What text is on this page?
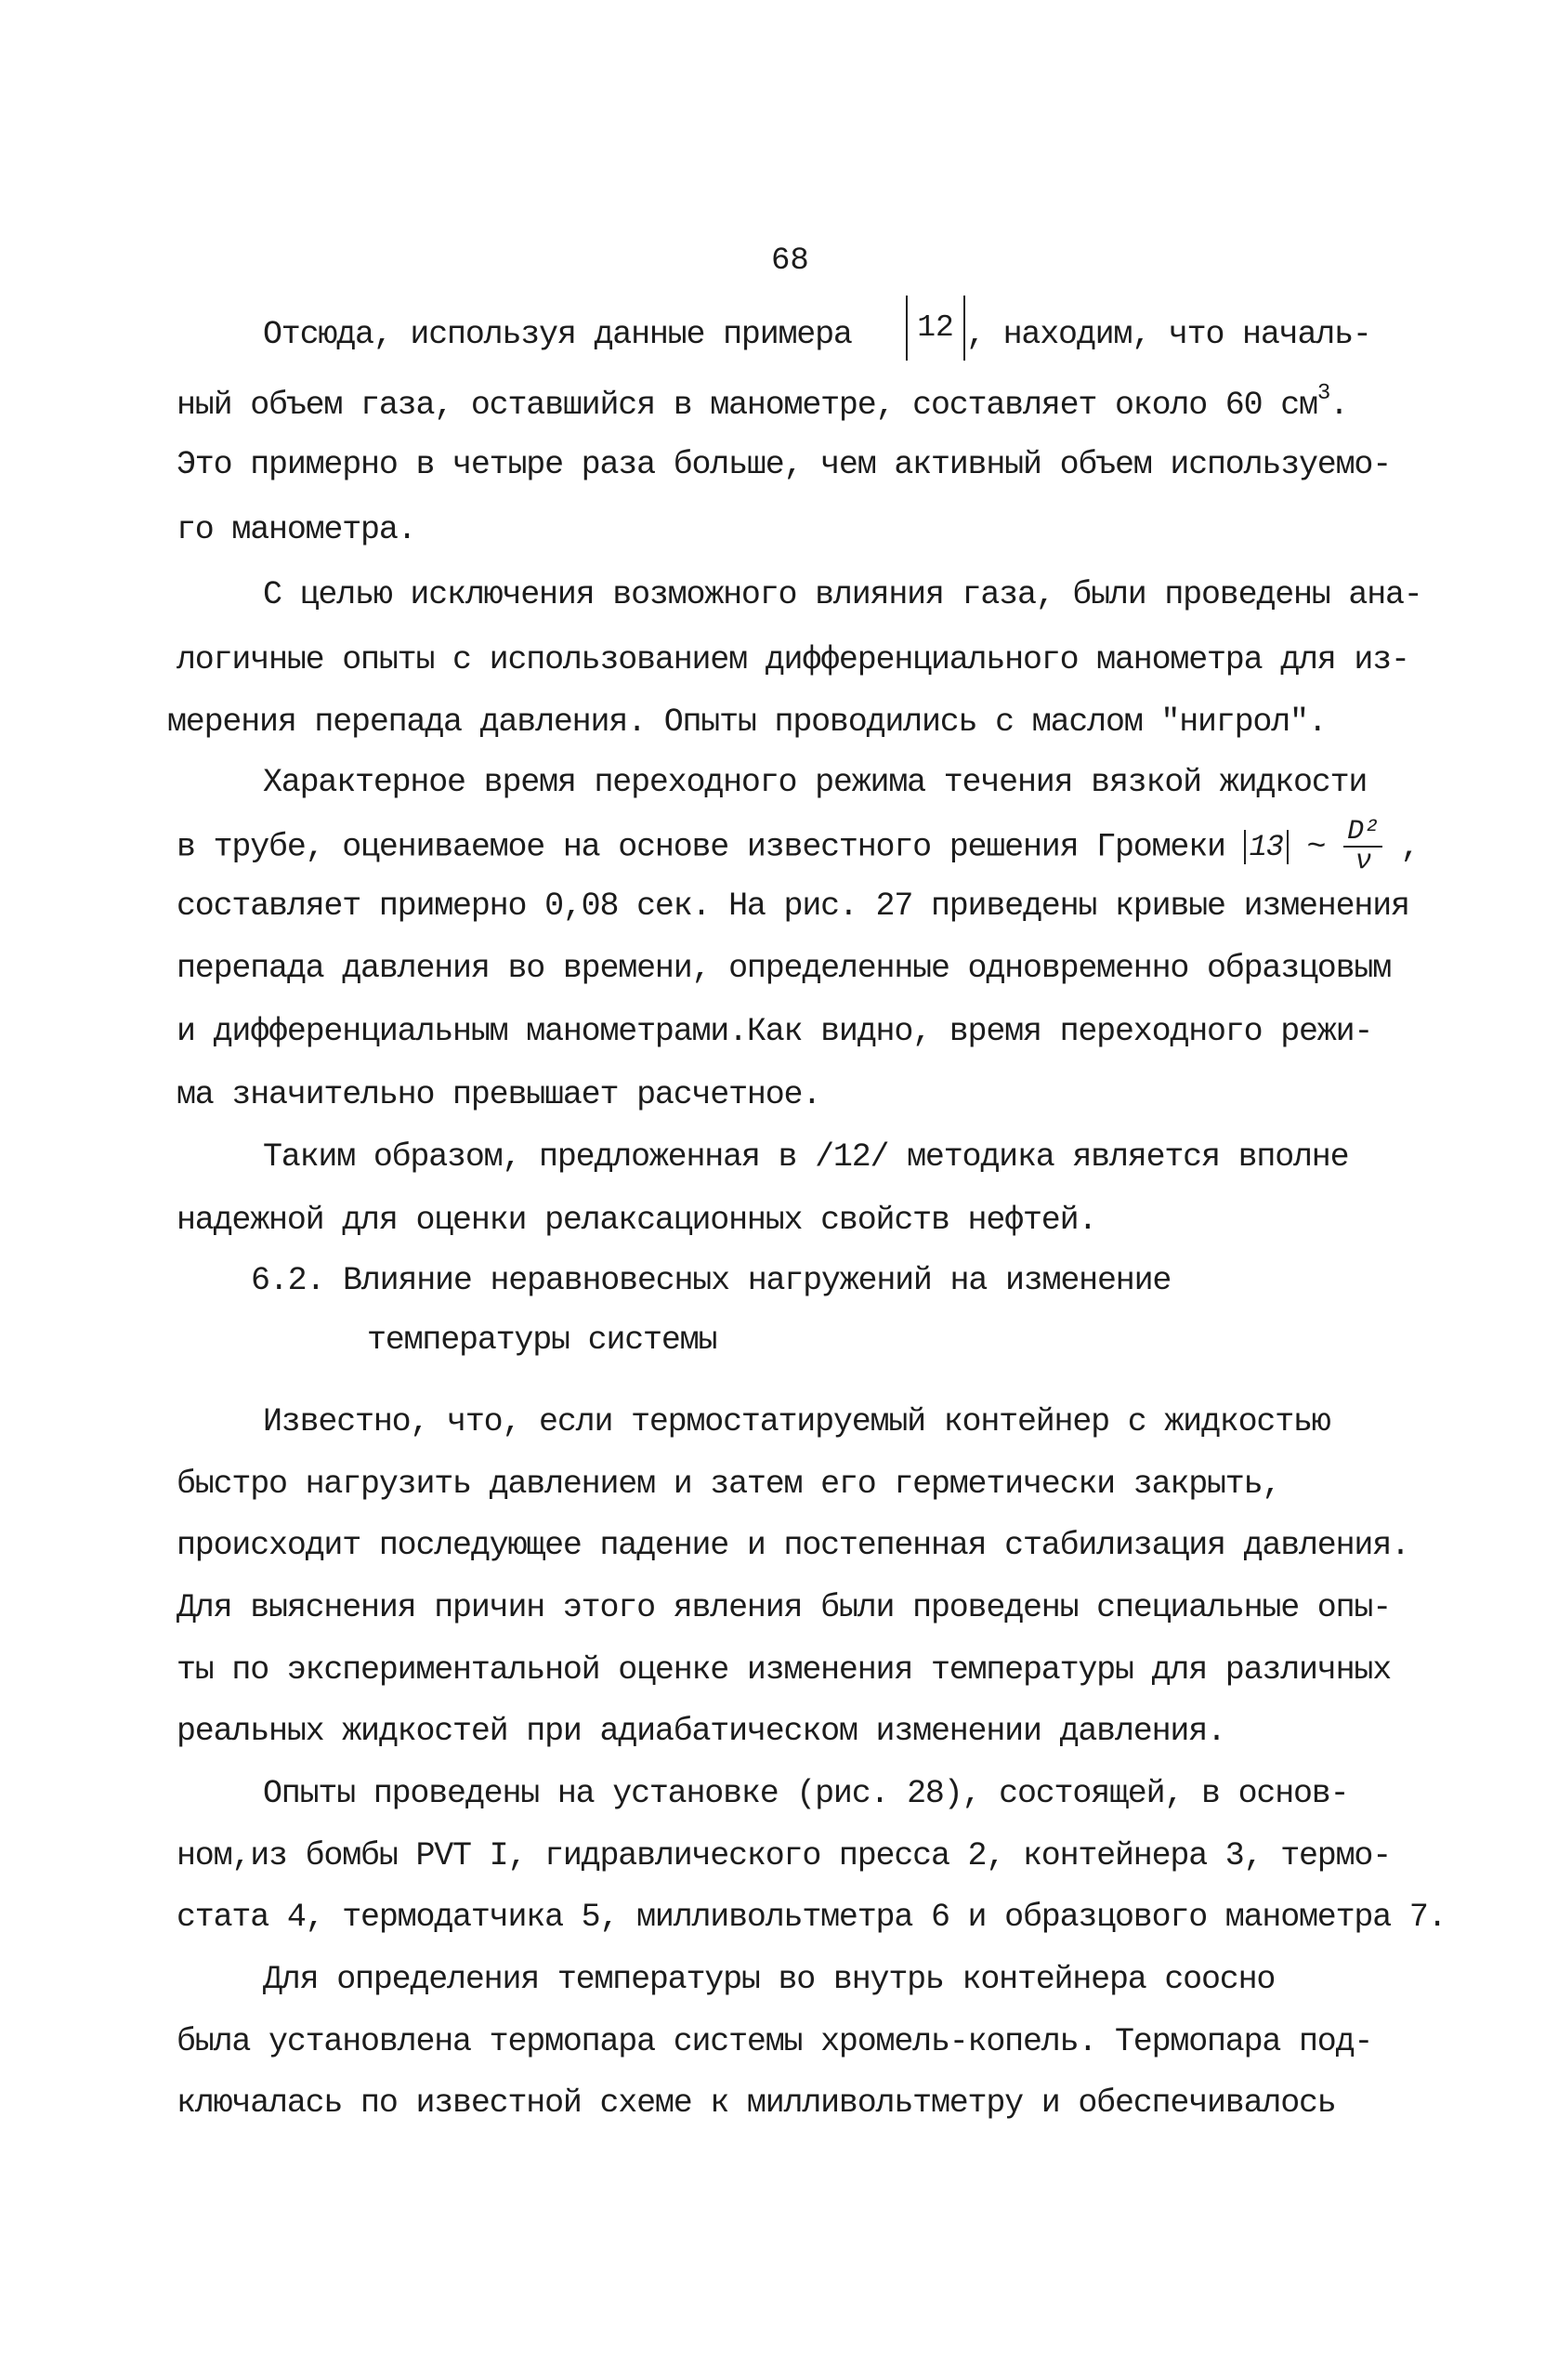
68
Отсюда, используя данные примера	12 , находим, что началь-
ный объем газа, оставшийся в манометре, составляет около 60 $см^3$.
Это примерно в четыре раза больше, чем активный объем используемо-
го манометра.
С целью исключения возможного влияния газа, были проведены ана-
логичные опыты с использованием дифференциального манометра для из-
мерения перепада давления. Опыты проводились с маслом "нигрол".
Характерное время переходного режима течения вязкой жидкости
в трубе, оцениваемое на основе известного решения Громеки 13 ~ $\frac{\text{D²}}{\nu}$ ,
составляет примерно 0,08 сек. На рис. 27 приведены кривые изменения
перепада давления во времени, определенные одновременно образцовым
и дифференциальным манометрами.Как видно, время переходного режи-
ма значительно превышает расчетное.
Таким образом, предложенная в /12/ методика является вполне
надежной для оценки релаксационных свойств нефтей.
6.2. Влияние неравновесных нагружений на изменение
температуры системы
Известно, что, если термостатируемый контейнер с жидкостью
быстро нагрузить давлением и затем его герметически закрыть,
происходит последующее падение и постепенная стабилизация давления.
Для выяснения причин этого явления были проведены специальные опы-
ты по экспериментальной оценке изменения температуры для различных
реальных жидкостей при адиабатическом изменении давления.
Опыты проведены на установке (рис. 28), состоящей, в основ-
ном,из бомбы PVT I, гидравлического пресса 2, контейнера 3, термо-
стата 4, термодатчика 5, милливольтметра 6 и образцового манометра 7.
Для определения температуры во внутрь контейнера соосно
была установлена термопара системы хромель-копель. Термопара под-
ключалась по известной схеме к милливольтметру и обеспечивалось
